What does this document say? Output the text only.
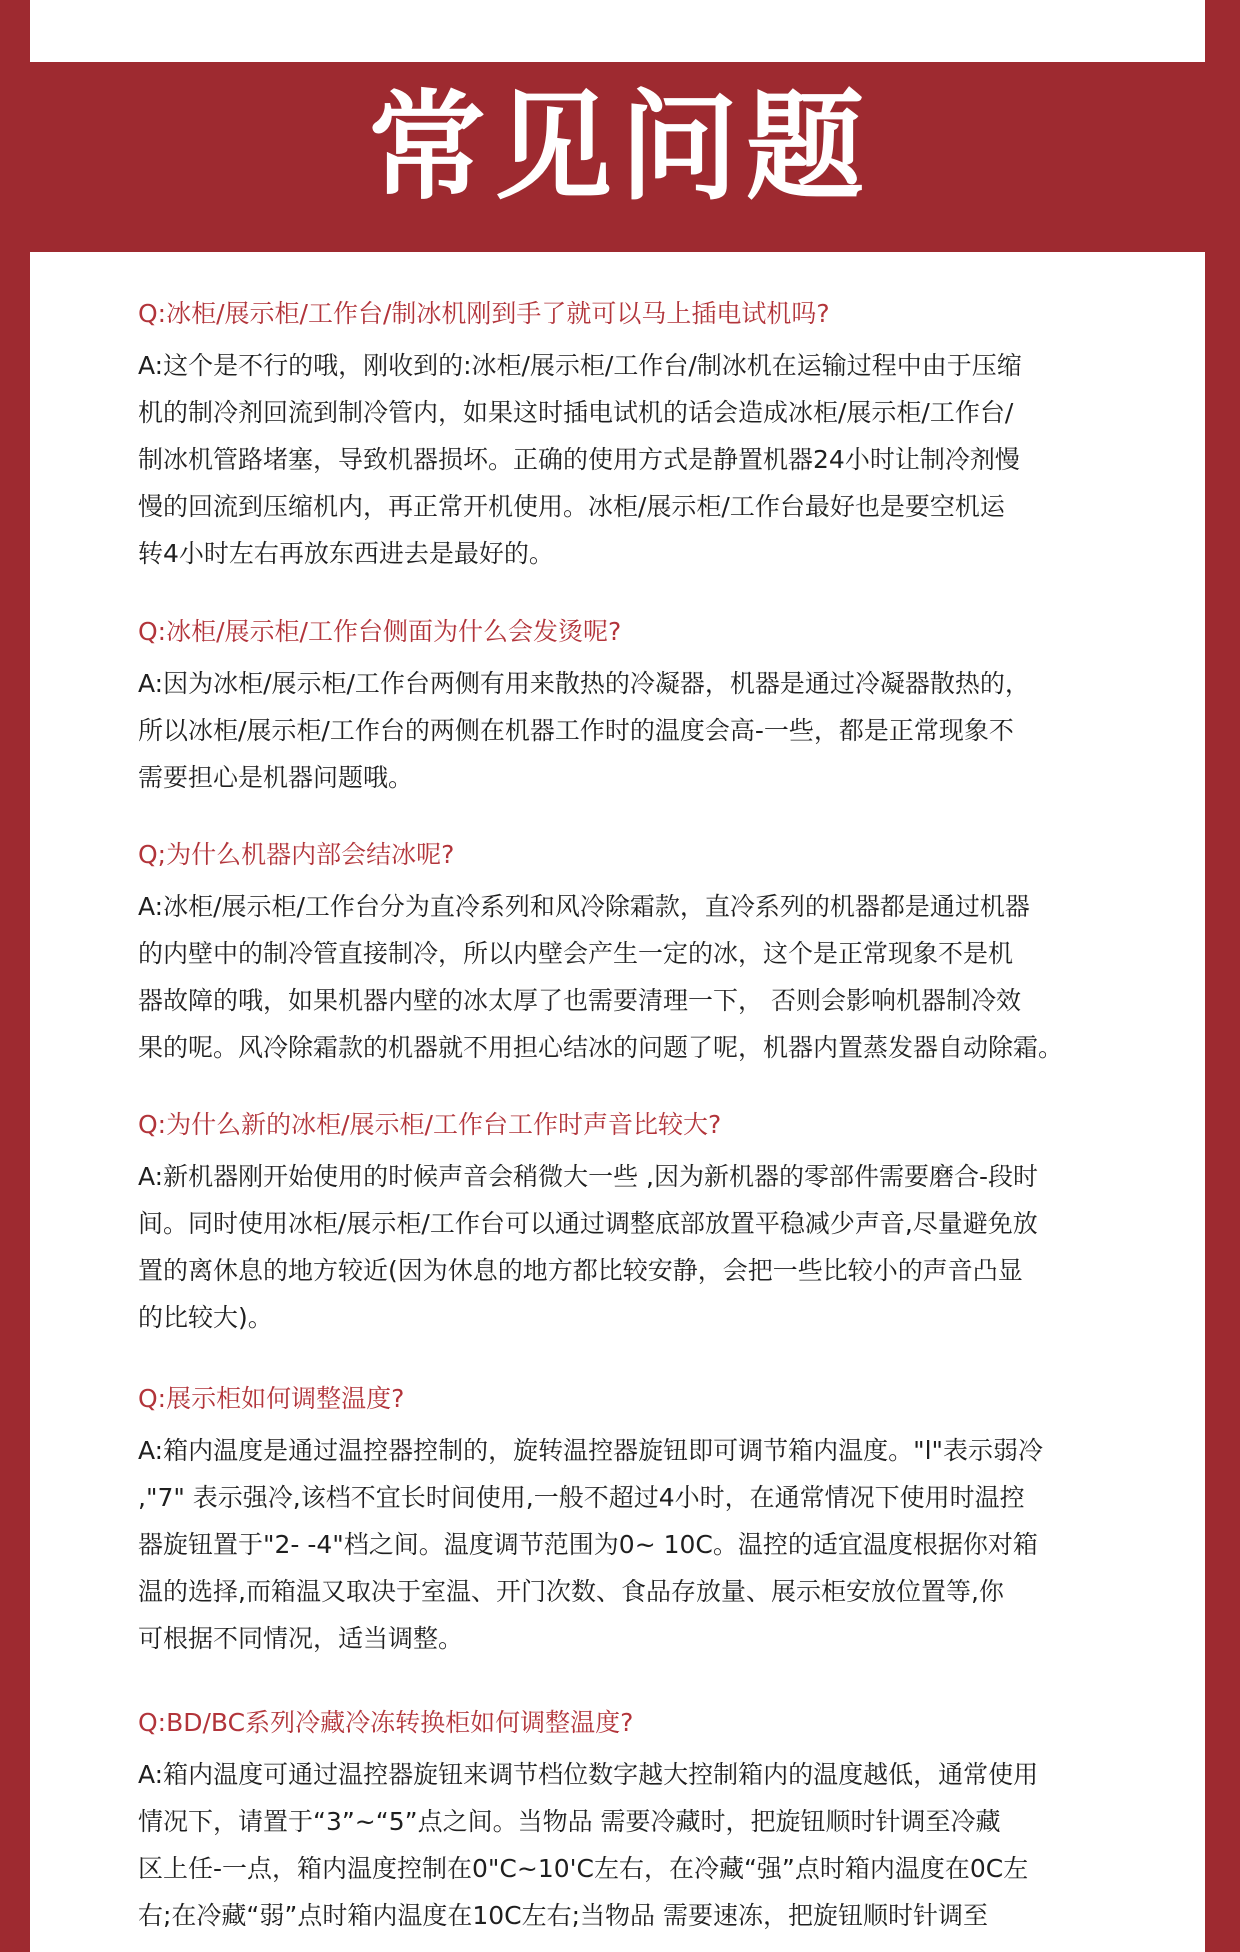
常见问题
Q:冰柜/展示柜/工作台/制冰机刚到手了就可以马上插电试机吗?
A:这个是不行的哦，刚收到的:冰柜/展示柜/工作台/制冰机在运输过程中由于压缩
机的制冷剂回流到制冷管内，如果这时插电试机的话会造成冰柜/展示柜/工作台/
制冰机管路堵塞，导致机器损坏。正确的使用方式是静置机器24小时让制冷剂慢
慢的回流到压缩机内，再正常开机使用。冰柜/展示柜/工作台最好也是要空机运
转4小时左右再放东西进去是最好的。
Q:冰柜/展示柜/工作台侧面为什么会发烫呢?
A:因为冰柜/展示柜/工作台两侧有用来散热的冷凝器，机器是通过冷凝器散热的，
所以冰柜/展示柜/工作台的两侧在机器工作时的温度会高-一些，都是正常现象不
需要担心是机器问题哦。
Q;为什么机器内部会结冰呢?
A:冰柜/展示柜/工作台分为直冷系列和风冷除霜款，直冷系列的机器都是通过机器
的内壁中的制冷管直接制冷，所以内壁会产生一定的冰，这个是正常现象不是机
器故障的哦，如果机器内壁的冰太厚了也需要清理一下， 否则会影响机器制冷效
果的呢。风冷除霜款的机器就不用担心结冰的问题了呢，机器内置蒸发器自动除霜。
Q:为什么新的冰柜/展示柜/工作台工作时声音比较大?
A:新机器刚开始使用的时候声音会稍微大一些 ,因为新机器的零部件需要磨合-段时
间。同时使用冰柜/展示柜/工作台可以通过调整底部放置平稳减少声音,尽量避免放
置的离休息的地方较近(因为休息的地方都比较安静，会把一些比较小的声音凸显
的比较大)。
Q:展示柜如何调整温度?
A:箱内温度是通过温控器控制的，旋转温控器旋钮即可调节箱内温度。"l"表示弱冷
,"7" 表示强冷,该档不宜长时间使用,一般不超过4小时，在通常情况下使用时温控
器旋钮置于"2- -4"档之间。温度调节范围为0~ 10C。温控的适宜温度根据你对箱
温的选择,而箱温又取决于室温、开门次数、食品存放量、展示柜安放位置等,你
可根据不同情况，适当调整。
Q:BD/BC系列冷藏冷冻转换柜如何调整温度?
A:箱内温度可通过温控器旋钮来调节档位数字越大控制箱内的温度越低，通常使用
情况下，请置于“3”~“5”点之间。当物品 需要冷藏时，把旋钮顺时针调至冷藏
区上任-一点，箱内温度控制在0"C~10'C左右，在冷藏“强”点时箱内温度在0C左
右;在冷藏“弱”点时箱内温度在10C左右;当物品 需要速冻，把旋钮顺时针调至
